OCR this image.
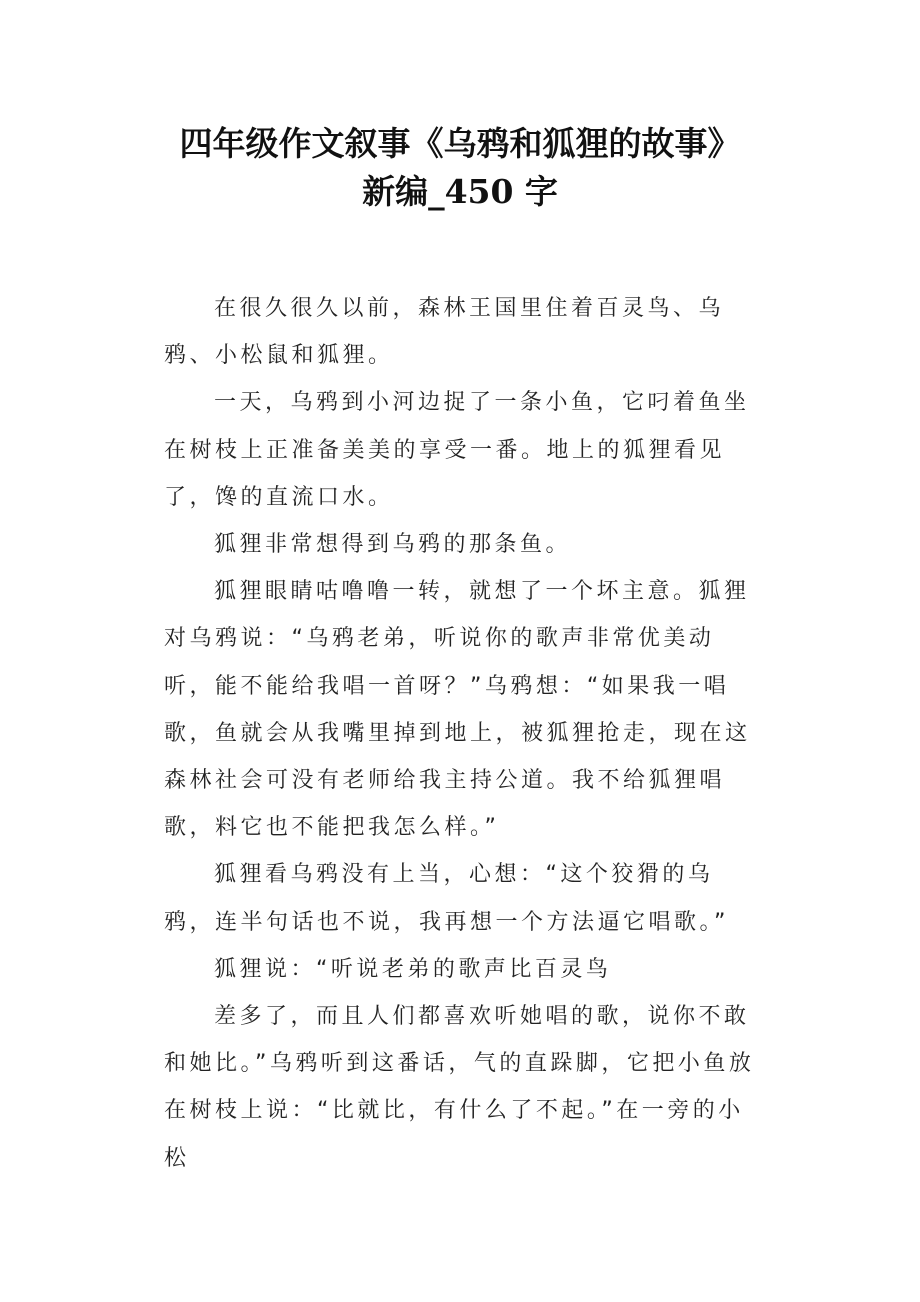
四年级作文叙事《乌鸦和狐狸的故事》
新编_450 字

在很久很久以前，森林王国里住着百灵鸟、乌鸦、小松鼠和狐狸。

一天，乌鸦到小河边捉了一条小鱼，它叼着鱼坐在树枝上正准备美美的享受一番。地上的狐狸看见了，馋的直流口水。

狐狸非常想得到乌鸦的那条鱼。

狐狸眼睛咕噜噜一转，就想了一个坏主意。狐狸对乌鸦说：“乌鸦老弟，听说你的歌声非常优美动听，能不能给我唱一首呀？”乌鸦想：“如果我一唱歌，鱼就会从我嘴里掉到地上，被狐狸抢走，现在这森林社会可没有老师给我主持公道。我不给狐狸唱歌，料它也不能把我怎么样。”

狐狸看乌鸦没有上当，心想：“这个狡猾的乌鸦，连半句话也不说，我再想一个方法逼它唱歌。”

狐狸说：“听说老弟的歌声比百灵鸟

差多了，而且人们都喜欢听她唱的歌，说你不敢和她比。”乌鸦听到这番话，气的直跺脚，它把小鱼放在树枝上说：“比就比，有什么了不起。”在一旁的小松
